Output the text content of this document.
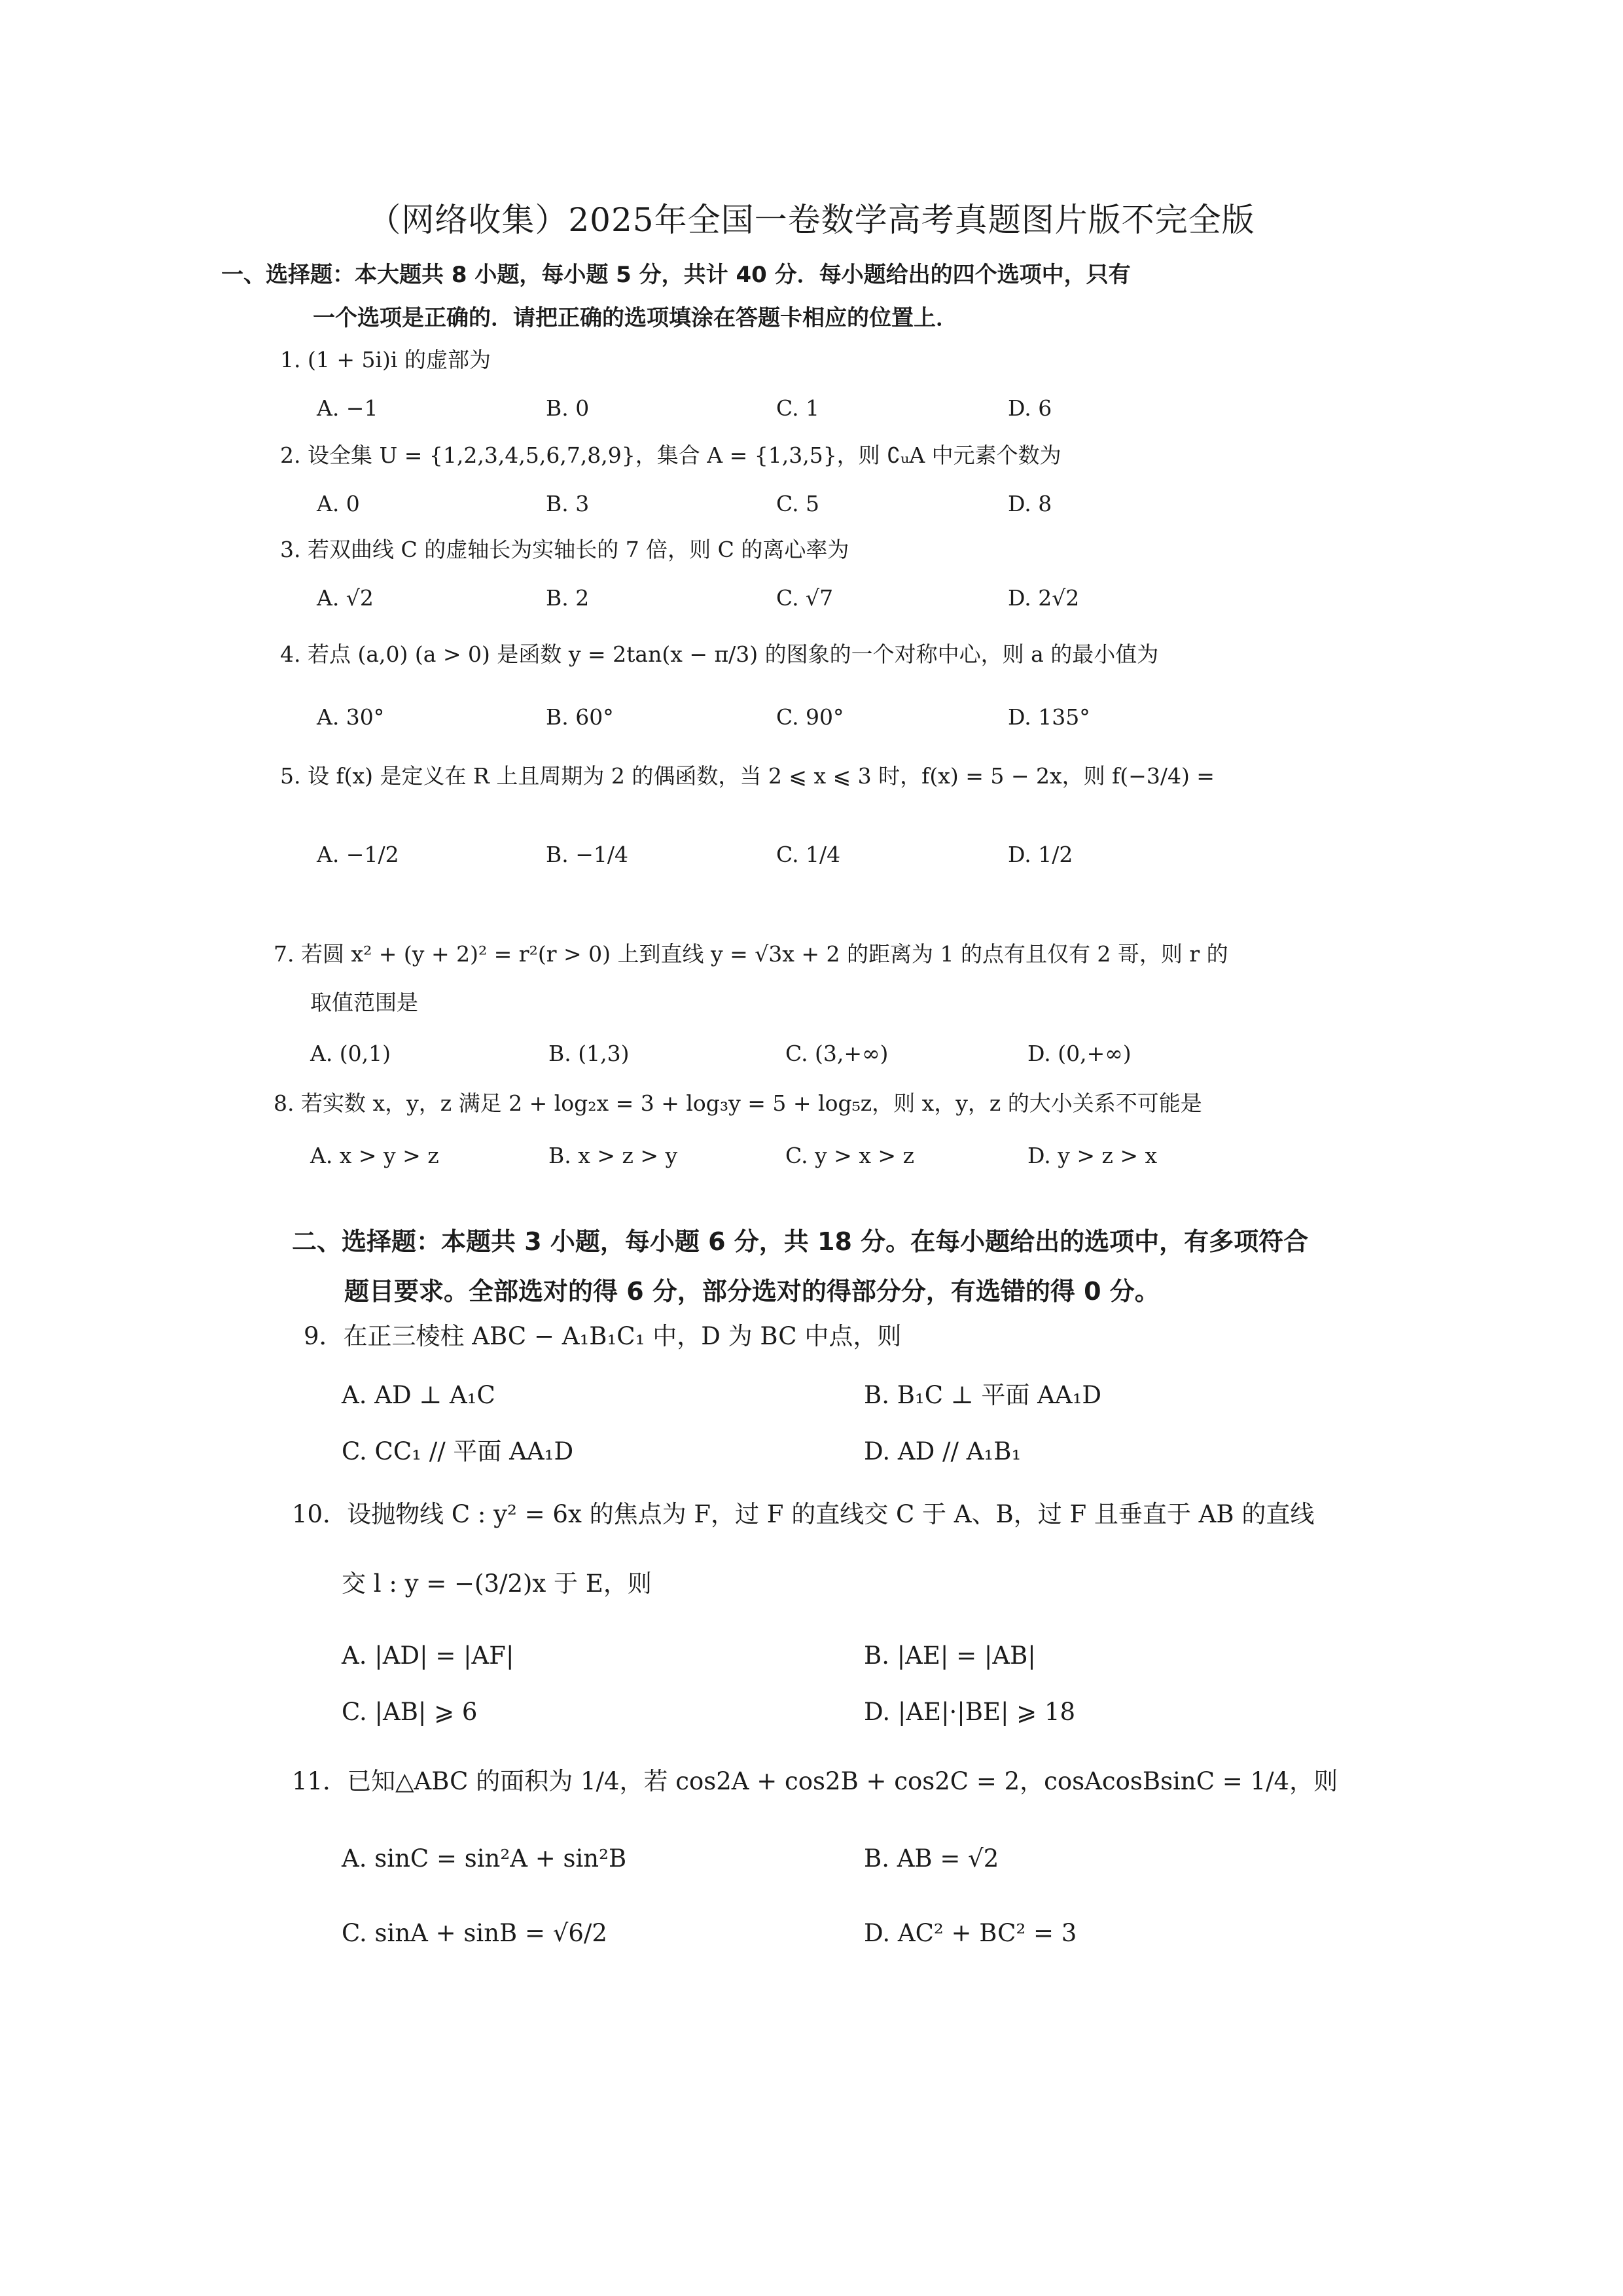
（网络收集）2025年全国一卷数学高考真题图片版不完全版
一、选择题：本大题共 8 小题，每小题 5 分，共计 40 分．每小题给出的四个选项中，只有
一个选项是正确的．请把正确的选项填涂在答题卡相应的位置上．
1. (1 + 5i)i 的虚部为
A. −1	B. 0	C. 1	D. 6
2. 设全集 U = {1,2,3,4,5,6,7,8,9}，集合 A = {1,3,5}，则 ∁ᵤA 中元素个数为
A. 0	B. 3	C. 5	D. 8
3. 若双曲线 C 的虚轴长为实轴长的 7 倍，则 C 的离心率为
A. √2	B. 2	C. √7	D. 2√2
4. 若点 (a,0) (a > 0) 是函数 y = 2tan(x − π/3) 的图象的一个对称中心，则 a 的最小值为
A. 30°	B. 60°	C. 90°	D. 135°
5. 设 f(x) 是定义在 R 上且周期为 2 的偶函数，当 2 ⩽ x ⩽ 3 时，f(x) = 5 − 2x，则 f(−3/4) =
A. −1/2	B. −1/4	C. 1/4	D. 1/2
7. 若圆 x² + (y + 2)² = r²(r > 0) 上到直线 y = √3x + 2 的距离为 1 的点有且仅有 2 哥，则 r 的
取值范围是
A. (0,1)	B. (1,3)	C. (3,+∞)	D. (0,+∞)
8. 若实数 x，y，z 满足 2 + log₂x = 3 + log₃y = 5 + log₅z，则 x，y，z 的大小关系不可能是
A. x > y > z	B. x > z > y	C. y > x > z	D. y > z > x
二、选择题：本题共 3 小题，每小题 6 分，共 18 分。在每小题给出的选项中，有多项符合
题目要求。全部选对的得 6 分，部分选对的得部分分，有选错的得 0 分。
9．在正三棱柱 ABC − A₁B₁C₁ 中，D 为 BC 中点，则
A. AD ⊥ A₁C	B. B₁C ⊥ 平面 AA₁D
C. CC₁ // 平面 AA₁D	D. AD // A₁B₁
10．设抛物线 C : y² = 6x 的焦点为 F，过 F 的直线交 C 于 A、B，过 F 且垂直于 AB 的直线
交 l : y = −(3/2)x 于 E，则
A. |AD| = |AF|	B. |AE| = |AB|
C. |AB| ⩾ 6	D. |AE|·|BE| ⩾ 18
11．已知△ABC 的面积为 1/4，若 cos2A + cos2B + cos2C = 2，cosAcosBsinC = 1/4，则
A. sinC = sin²A + sin²B	B. AB = √2
C. sinA + sinB = √6/2	D. AC² + BC² = 3
